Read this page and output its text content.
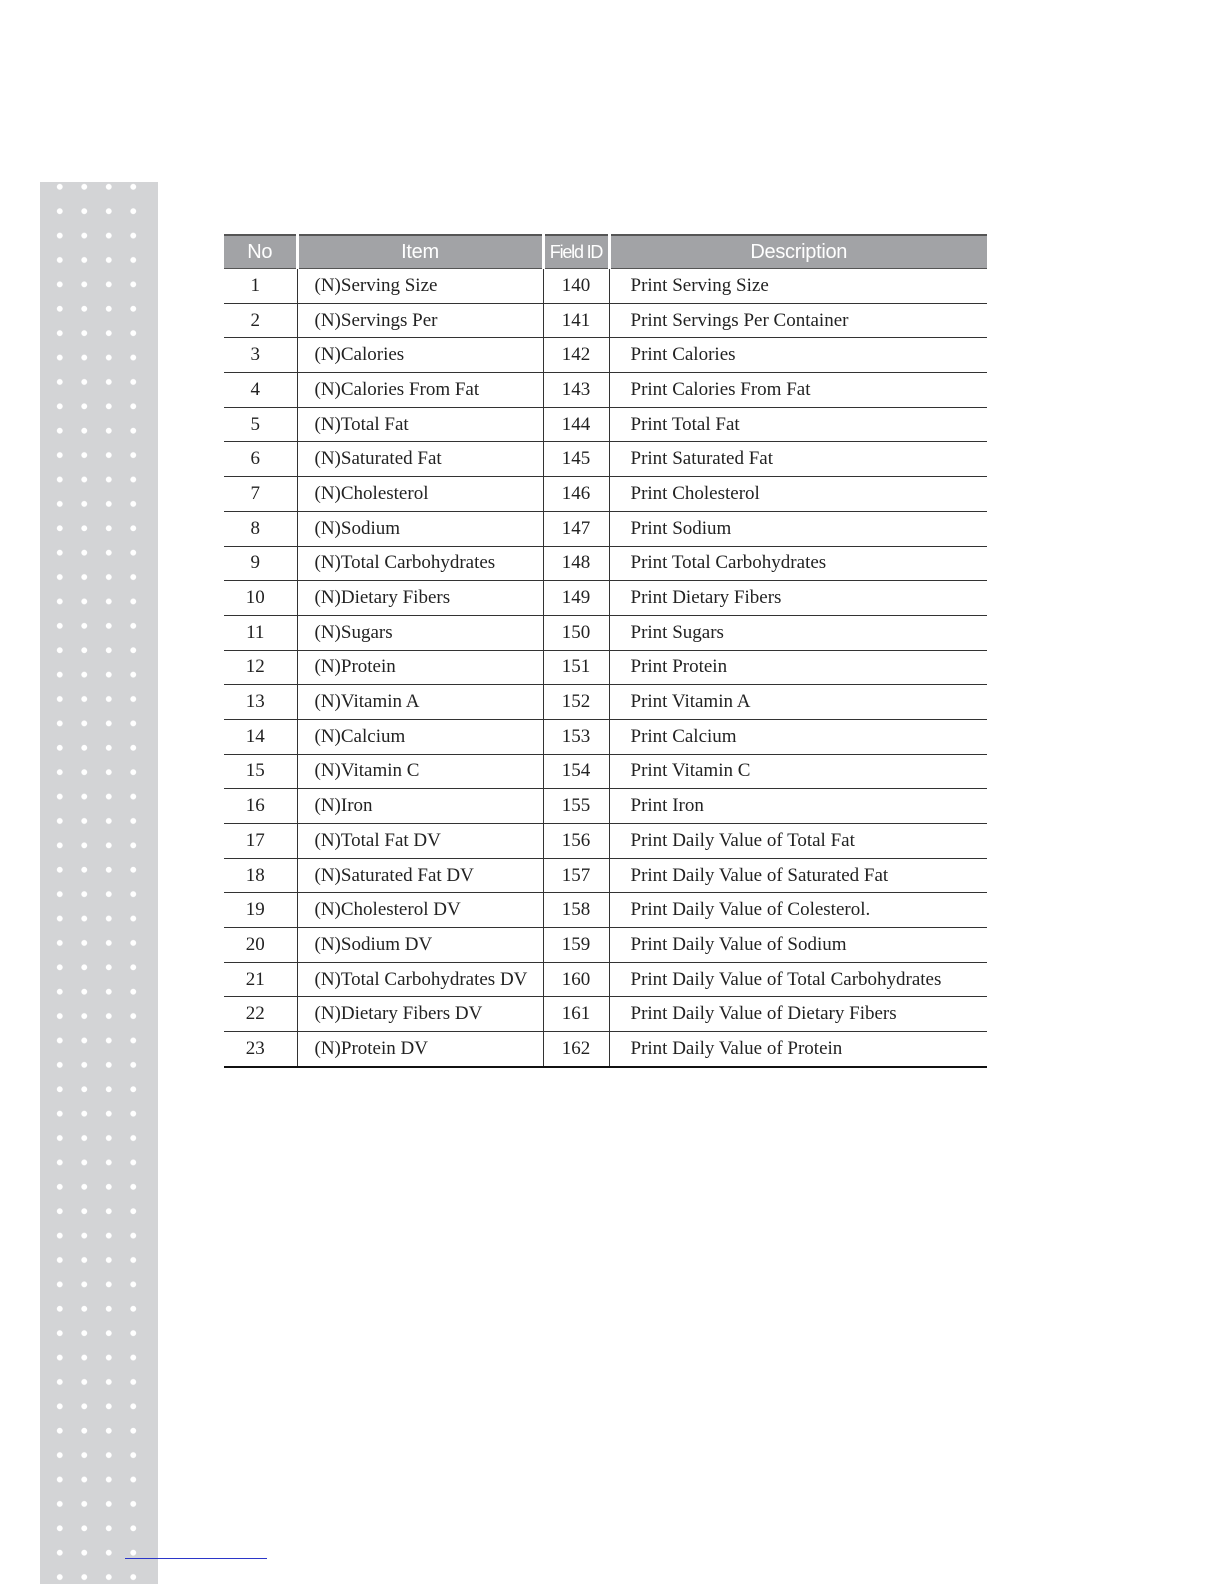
No	Item	Field ID	Description
1	(N)Serving Size	140	Print Serving Size
2	(N)Servings Per	141	Print Servings Per Container
3	(N)Calories	142	Print Calories
4	(N)Calories From Fat	143	Print Calories From Fat
5	(N)Total Fat	144	Print Total Fat
6	(N)Saturated Fat	145	Print Saturated Fat
7	(N)Cholesterol	146	Print Cholesterol
8	(N)Sodium	147	Print Sodium
9	(N)Total Carbohydrates	148	Print Total Carbohydrates
10	(N)Dietary Fibers	149	Print Dietary Fibers
11	(N)Sugars	150	Print Sugars
12	(N)Protein	151	Print Protein
13	(N)Vitamin A	152	Print Vitamin A
14	(N)Calcium	153	Print Calcium
15	(N)Vitamin C	154	Print Vitamin C
16	(N)Iron	155	Print Iron
17	(N)Total Fat DV	156	Print Daily Value of Total Fat
18	(N)Saturated Fat DV	157	Print Daily Value of Saturated Fat
19	(N)Cholesterol DV	158	Print Daily Value of Colesterol.
20	(N)Sodium DV	159	Print Daily Value of Sodium
21	(N)Total Carbohydrates DV	160	Print Daily Value of Total Carbohydrates
22	(N)Dietary Fibers DV	161	Print Daily Value of Dietary Fibers
23	(N)Protein DV	162	Print Daily Value of Protein
